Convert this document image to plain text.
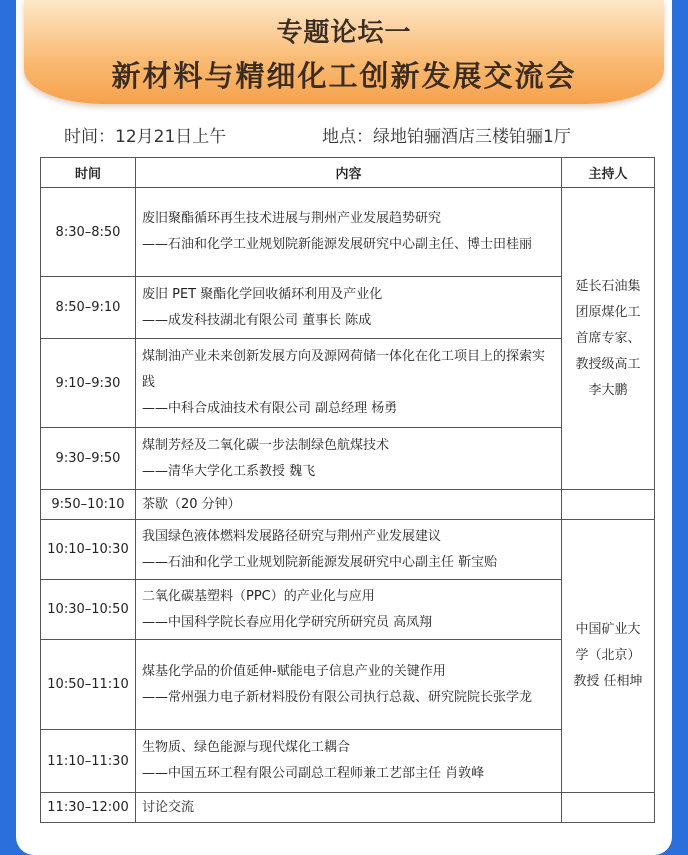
专题论坛一
新材料与精细化工创新发展交流会
时间：12月21日上午	地点：绿地铂骊酒店三楼铂骊1厅
时间	内容	主持人
8:30–8:50	废旧聚酯循环再生技术进展与荆州产业发展趋势研究
——石油和化学工业规划院新能源发展研究中心副主任、博士田桂丽	延长石油集团原煤化工首席专家、教授级高工李大鹏
8:50–9:10	废旧 PET 聚酯化学回收循环利用及产业化
——成发科技湖北有限公司 董事长 陈成	

9:10–9:30	煤制油产业未来创新发展方向及源网荷储一体化在化工项目上的探索实践
——中科合成油技术有限公司 副总经理 杨勇	

9:30–9:50	煤制芳烃及二氧化碳一步法制绿色航煤技术
——清华大学化工系教授 魏飞	

9:50–10:10	茶歇（20 分钟）	

10:10–10:30	我国绿色液体燃料发展路径研究与荆州产业发展建议
——石油和化学工业规划院新能源发展研究中心副主任 靳宝贻	中国矿业大学（北京）教授 任相坤
10:30–10:50	二氧化碳基塑料（PPC）的产业化与应用
——中国科学院长春应用化学研究所研究员 高凤翔	

10:50–11:10	煤基化学品的价值延伸-赋能电子信息产业的关键作用
——常州强力电子新材料股份有限公司执行总裁、研究院院长张学龙	

11:10–11:30	生物质、绿色能源与现代煤化工耦合
——中国五环工程有限公司副总工程师兼工艺部主任 肖敦峰	

11:30–12:00	讨论交流	
